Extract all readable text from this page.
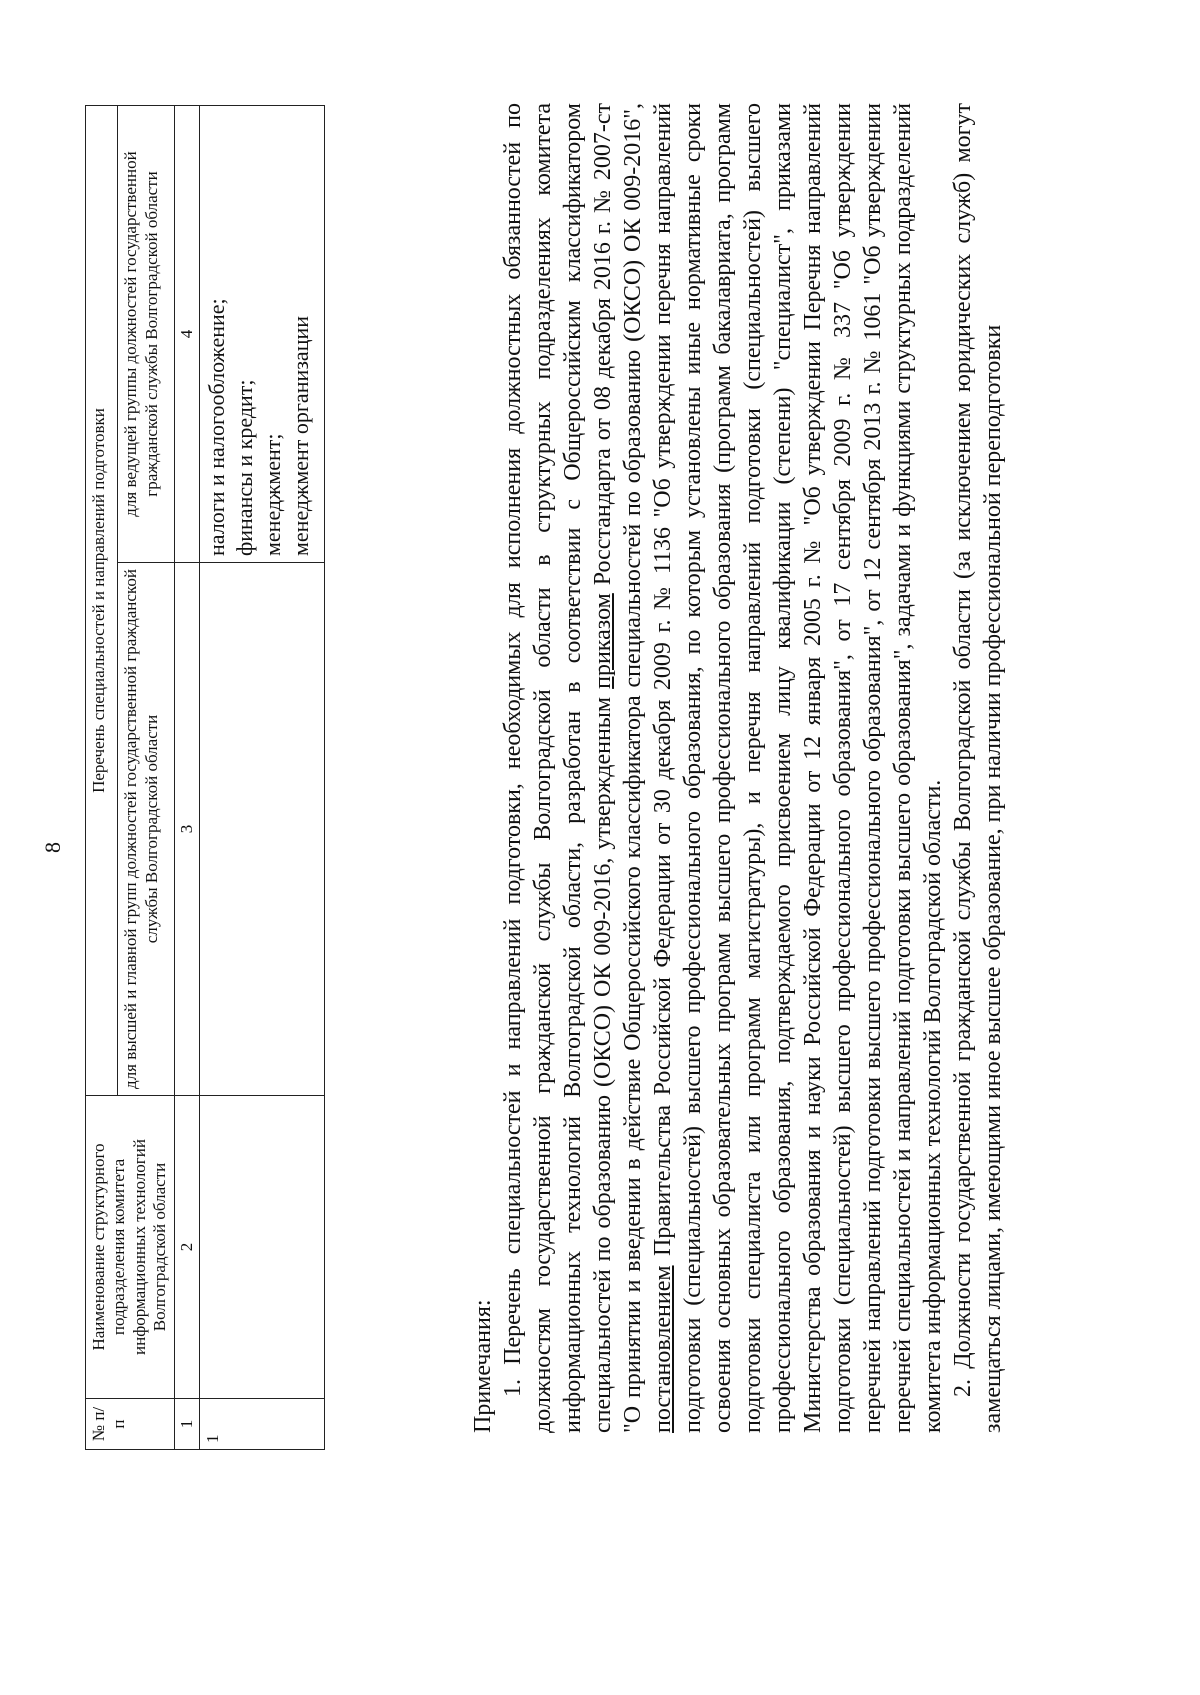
8
№ п/п	Наименование структурного подразделения комитета информационных технологий Волгоградской области	Перечень специальностей и направлений подготовки	
		для высшей и главной групп должностей государственной гражданской службы Волгоградской области	для ведущей группы должностей государственной гражданской службы Волгоградской области
1	2	3	4
1			налоги и налогообложение; финансы и кредит; менеджмент; менеджмент организации

Примечания: 1. Перечень специальностей и направлений подготовки, необходимых для исполнения должностных обязанностей по должностям государственной гражданской службы Волгоградской области в структурных подразделениях комитета информационных технологий Волгоградской области, разработан в соответствии с Общероссийским классификатором специальностей по образованию (ОКСО) ОК 009-2016, утвержденным приказом Росстандарта от 08 декабря 2016 г. № 2007-ст "О принятии и введении в действие Общероссийского классификатора специальностей по образованию (ОКСО) ОК 009-2016", постановлением Правительства Российской Федерации от 30 декабря 2009 г. № 1136 "Об утверждении перечня направлений подготовки (специальностей) высшего профессионального образования, по которым установлены иные нормативные сроки освоения основных образовательных программ высшего профессионального образования (программ бакалавриата, программ подготовки специалиста или программ магистратуры), и перечня направлений подготовки (специальностей) высшего профессионального образования, подтверждаемого присвоением лицу квалификации (степени) "специалист", приказами Министерства образования и науки Российской Федерации от 12 января 2005 г. № "Об утверждении Перечня направлений подготовки (специальностей) высшего профессионального образования", от 17 сентября 2009 г. № 337 "Об утверждении перечней направлений подготовки высшего профессионального образования", от 12 сентября 2013 г. № 1061 "Об утверждении перечней специальностей и направлений подготовки высшего образования", задачами и функциями структурных подразделений комитета информационных технологий Волгоградской области. 2. Должности государственной гражданской службы Волгоградской области (за исключением юридических служб) могут замещаться лицами, имеющими иное высшее образование, при наличии профессиональной переподготовки
